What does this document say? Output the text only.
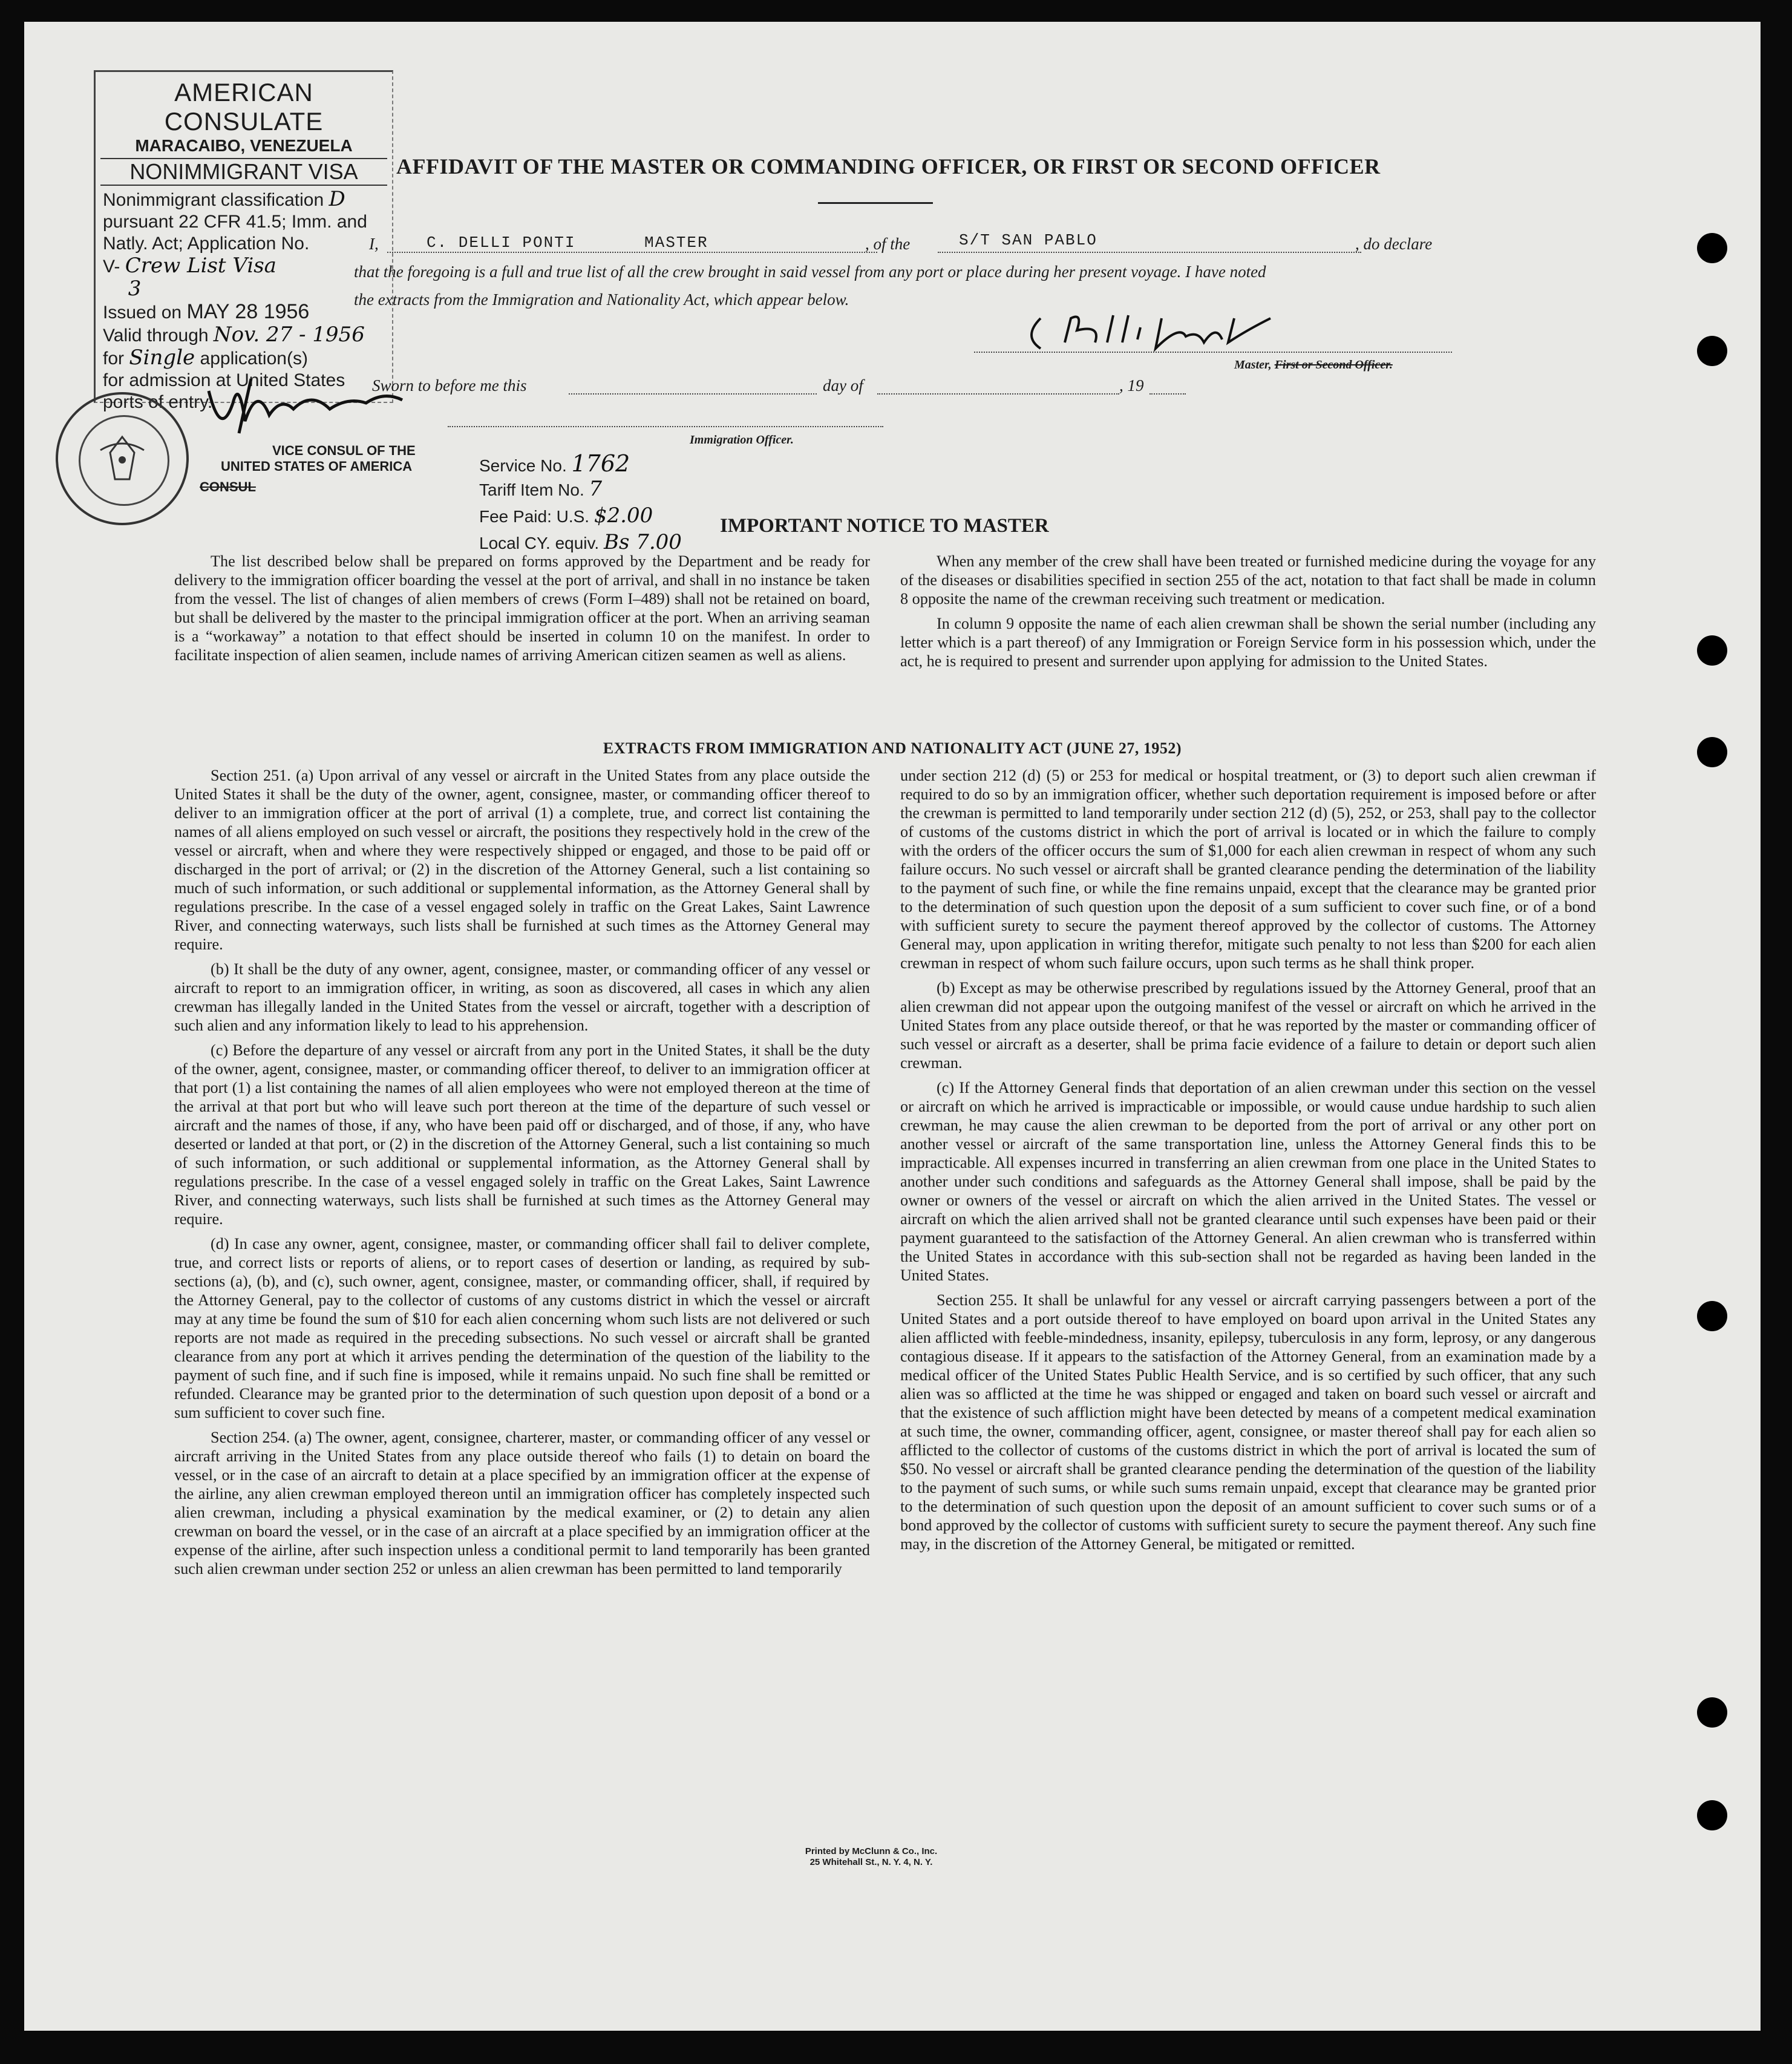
AMERICAN CONSULATE
MARACAIBO, VENEZUELA
NONIMMIGRANT VISA
Nonimmigrant classification D
pursuant 22 CFR 41.5; Imm. and
Natly. Act; Application No.
V- Crew List Visa
3
Issued on MAY 28 1956
Valid through Nov. 27 - 1956
for Single application(s)
for admission at United States
ports of entry.
VICE CONSUL OF THE
UNITED STATES OF AMERICA
CONSUL
AFFIDAVIT OF THE MASTER OR COMMANDING OFFICER, OR FIRST OR SECOND OFFICER
I,	C. DELLI PONTI	MASTER	, of the	S/T SAN PABLO	, do declare
that the foregoing is a full and true list of all the crew brought in said vessel from any port or place during her present voyage. I have noted
the extracts from the Immigration and Nationality Act, which appear below.
Master, First or Second Officer.
Sworn to before me this	day of	, 19
Immigration Officer.
Service No. 1762
Tariff Item No. 7
Fee Paid: U.S. $2.00
Local CY. equiv. Bs 7.00
IMPORTANT NOTICE TO MASTER

The list described below shall be prepared on forms approved by the Department and be ready for delivery to the immigration officer boarding the vessel at the port of arrival, and shall in no instance be taken from the vessel. The list of changes of alien members of crews (Form I–489) shall not be retained on board, but shall be delivered by the master to the principal immigration officer at the port. When an arriving seaman is a “workaway” a notation to that effect should be inserted in column 10 on the manifest. In order to facilitate inspection of alien seamen, include names of arriving American citizen seamen as well as aliens.

When any member of the crew shall have been treated or furnished medicine during the voyage for any of the diseases or disabilities specified in section 255 of the act, notation to that fact shall be made in column 8 opposite the name of the crewman receiving such treatment or medication.

In column 9 opposite the name of each alien crewman shall be shown the serial number (including any letter which is a part thereof) of any Immigration or Foreign Service form in his possession which, under the act, he is required to present and surrender upon applying for admission to the United States.

EXTRACTS FROM IMMIGRATION AND NATIONALITY ACT (JUNE 27, 1952)

Section 251. (a) Upon arrival of any vessel or aircraft in the United States from any place outside the United States it shall be the duty of the owner, agent, consignee, master, or commanding officer thereof to deliver to an immigration officer at the port of arrival (1) a complete, true, and correct list containing the names of all aliens employed on such vessel or aircraft, the positions they respectively hold in the crew of the vessel or aircraft, when and where they were respectively shipped or engaged, and those to be paid off or discharged in the port of arrival; or (2) in the discretion of the Attorney General, such a list containing so much of such information, or such additional or supplemental information, as the Attorney General shall by regulations prescribe. In the case of a vessel engaged solely in traffic on the Great Lakes, Saint Lawrence River, and connecting waterways, such lists shall be furnished at such times as the Attorney General may require.

(b) It shall be the duty of any owner, agent, consignee, master, or commanding officer of any vessel or aircraft to report to an immigration officer, in writing, as soon as discovered, all cases in which any alien crewman has illegally landed in the United States from the vessel or aircraft, together with a description of such alien and any information likely to lead to his apprehension.

(c) Before the departure of any vessel or aircraft from any port in the United States, it shall be the duty of the owner, agent, consignee, master, or commanding officer thereof, to deliver to an immigration officer at that port (1) a list containing the names of all alien employees who were not employed thereon at the time of the arrival at that port but who will leave such port thereon at the time of the departure of such vessel or aircraft and the names of those, if any, who have been paid off or discharged, and of those, if any, who have deserted or landed at that port, or (2) in the discretion of the Attorney General, such a list containing so much of such information, or such additional or supplemental information, as the Attorney General shall by regulations prescribe. In the case of a vessel engaged solely in traffic on the Great Lakes, Saint Lawrence River, and connecting waterways, such lists shall be furnished at such times as the Attorney General may require.

(d) In case any owner, agent, consignee, master, or commanding officer shall fail to deliver complete, true, and correct lists or reports of aliens, or to report cases of desertion or landing, as required by sub-sections (a), (b), and (c), such owner, agent, consignee, master, or commanding officer, shall, if required by the Attorney General, pay to the collector of customs of any customs district in which the vessel or aircraft may at any time be found the sum of $10 for each alien concerning whom such lists are not delivered or such reports are not made as required in the preceding subsections. No such vessel or aircraft shall be granted clearance from any port at which it arrives pending the determination of the question of the liability to the payment of such fine, and if such fine is imposed, while it remains unpaid. No such fine shall be remitted or refunded. Clearance may be granted prior to the determination of such question upon deposit of a bond or a sum sufficient to cover such fine.

Section 254. (a) The owner, agent, consignee, charterer, master, or commanding officer of any vessel or aircraft arriving in the United States from any place outside thereof who fails (1) to detain on board the vessel, or in the case of an aircraft to detain at a place specified by an immigration officer at the expense of the airline, any alien crewman employed thereon until an immigration officer has completely inspected such alien crewman, including a physical examination by the medical examiner, or (2) to detain any alien crewman on board the vessel, or in the case of an aircraft at a place specified by an immigration officer at the expense of the airline, after such inspection unless a conditional permit to land temporarily has been granted such alien crewman under section 252 or unless an alien crewman has been permitted to land temporarily

under section 212 (d) (5) or 253 for medical or hospital treatment, or (3) to deport such alien crewman if required to do so by an immigration officer, whether such deportation requirement is imposed before or after the crewman is permitted to land temporarily under section 212 (d) (5), 252, or 253, shall pay to the collector of customs of the customs district in which the port of arrival is located or in which the failure to comply with the orders of the officer occurs the sum of $1,000 for each alien crewman in respect of whom any such failure occurs. No such vessel or aircraft shall be granted clearance pending the determination of the liability to the payment of such fine, or while the fine remains unpaid, except that the clearance may be granted prior to the determination of such question upon the deposit of a sum sufficient to cover such fine, or of a bond with sufficient surety to secure the payment thereof approved by the collector of customs. The Attorney General may, upon application in writing therefor, mitigate such penalty to not less than $200 for each alien crewman in respect of whom such failure occurs, upon such terms as he shall think proper.

(b) Except as may be otherwise prescribed by regulations issued by the Attorney General, proof that an alien crewman did not appear upon the outgoing manifest of the vessel or aircraft on which he arrived in the United States from any place outside thereof, or that he was reported by the master or commanding officer of such vessel or aircraft as a deserter, shall be prima facie evidence of a failure to detain or deport such alien crewman.

(c) If the Attorney General finds that deportation of an alien crewman under this section on the vessel or aircraft on which he arrived is impracticable or impossible, or would cause undue hardship to such alien crewman, he may cause the alien crewman to be deported from the port of arrival or any other port on another vessel or aircraft of the same transportation line, unless the Attorney General finds this to be impracticable. All expenses incurred in transferring an alien crewman from one place in the United States to another under such conditions and safeguards as the Attorney General shall impose, shall be paid by the owner or owners of the vessel or aircraft on which the alien arrived in the United States. The vessel or aircraft on which the alien arrived shall not be granted clearance until such expenses have been paid or their payment guaranteed to the satisfaction of the Attorney General. An alien crewman who is transferred within the United States in accordance with this sub-section shall not be regarded as having been landed in the United States.

Section 255. It shall be unlawful for any vessel or aircraft carrying passengers between a port of the United States and a port outside thereof to have employed on board upon arrival in the United States any alien afflicted with feeble-mindedness, insanity, epilepsy, tuberculosis in any form, leprosy, or any dangerous contagious disease. If it appears to the satisfaction of the Attorney General, from an examination made by a medical officer of the United States Public Health Service, and is so certified by such officer, that any such alien was so afflicted at the time he was shipped or engaged and taken on board such vessel or aircraft and that the existence of such affliction might have been detected by means of a competent medical examination at such time, the owner, commanding officer, agent, consignee, or master thereof shall pay for each alien so afflicted to the collector of customs of the customs district in which the port of arrival is located the sum of $50. No vessel or aircraft shall be granted clearance pending the determination of the question of the liability to the payment of such sums, or while such sums remain unpaid, except that clearance may be granted prior to the determination of such question upon the deposit of an amount sufficient to cover such sums or of a bond approved by the collector of customs with sufficient surety to secure the payment thereof. Any such fine may, in the discretion of the Attorney General, be mitigated or remitted.

Printed by McClunn & Co., Inc.
25 Whitehall St., N. Y. 4, N. Y.
